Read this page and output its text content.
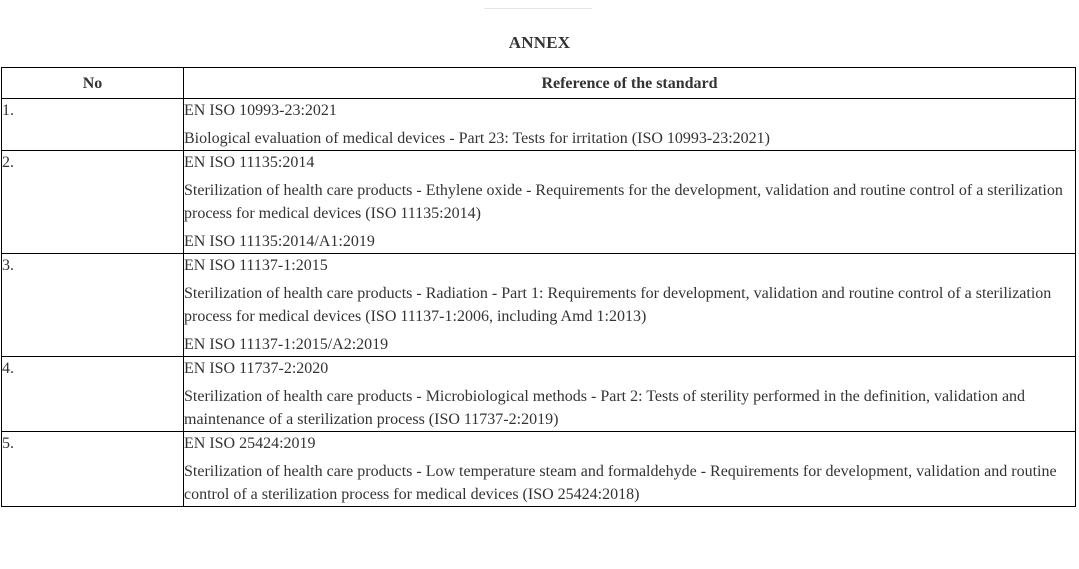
ANNEX
No	Reference of the standard
1.	EN ISO 10993-23:2021

Biological evaluation of medical devices - Part 23: Tests for irritation (ISO 10993-23:2021)

2.	EN ISO 11135:2014

Sterilization of health care products - Ethylene oxide - Requirements for the development, validation and routine control of a sterilization process for medical devices (ISO 11135:2014)

EN ISO 11135:2014/A1:2019

3.	EN ISO 11137-1:2015

Sterilization of health care products - Radiation - Part 1: Requirements for development, validation and routine control of a sterilization process for medical devices (ISO 11137-1:2006, including Amd 1:2013)

EN ISO 11137-1:2015/A2:2019

4.	EN ISO 11737-2:2020

Sterilization of health care products - Microbiological methods - Part 2: Tests of sterility performed in the definition, validation and maintenance of a sterilization process (ISO 11737-2:2019)

5.	EN ISO 25424:2019

Sterilization of health care products - Low temperature steam and formaldehyde - Requirements for development, validation and routine control of a sterilization process for medical devices (ISO 25424:2018)
